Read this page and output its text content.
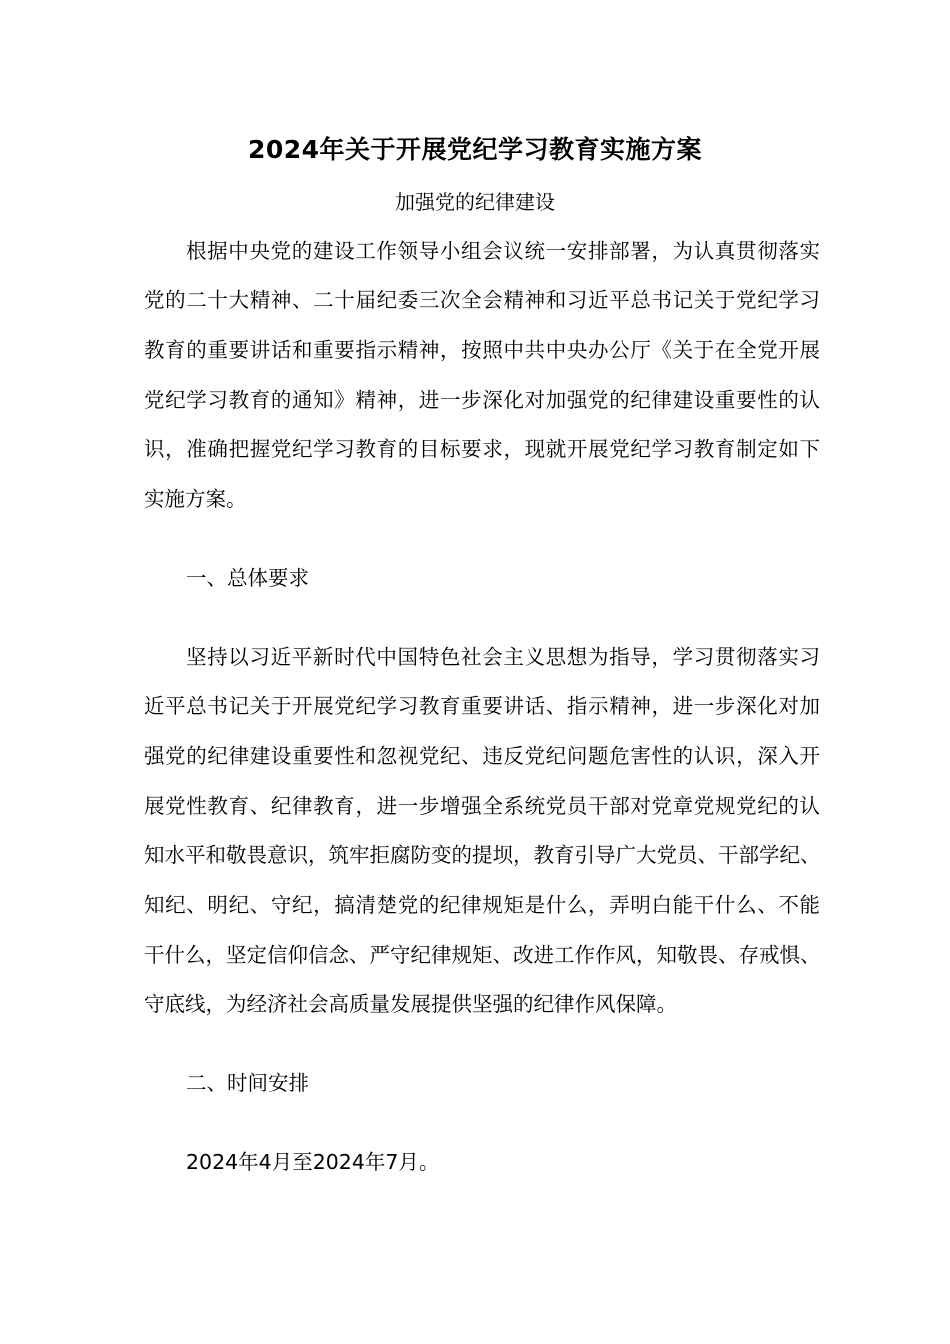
2024年关于开展党纪学习教育实施方案
加强党的纪律建设
根据中央党的建设工作领导小组会议统一安排部署，为认真贯彻落实
党的二十大精神、二十届纪委三次全会精神和习近平总书记关于党纪学习
教育的重要讲话和重要指示精神，按照中共中央办公厅《关于在全党开展
党纪学习教育的通知》精神，进一步深化对加强党的纪律建设重要性的认
识，准确把握党纪学习教育的目标要求，现就开展党纪学习教育制定如下
实施方案。
一、总体要求
坚持以习近平新时代中国特色社会主义思想为指导，学习贯彻落实习
近平总书记关于开展党纪学习教育重要讲话、指示精神，进一步深化对加
强党的纪律建设重要性和忽视党纪、违反党纪问题危害性的认识，深入开
展党性教育、纪律教育，进一步增强全系统党员干部对党章党规党纪的认
知水平和敬畏意识，筑牢拒腐防变的提坝，教育引导广大党员、干部学纪、
知纪、明纪、守纪，搞清楚党的纪律规矩是什么，弄明白能干什么、不能
干什么，坚定信仰信念、严守纪律规矩、改进工作作风，知敬畏、存戒惧、
守底线，为经济社会高质量发展提供坚强的纪律作风保障。
二、时间安排
2024年4月至2024年7月。
